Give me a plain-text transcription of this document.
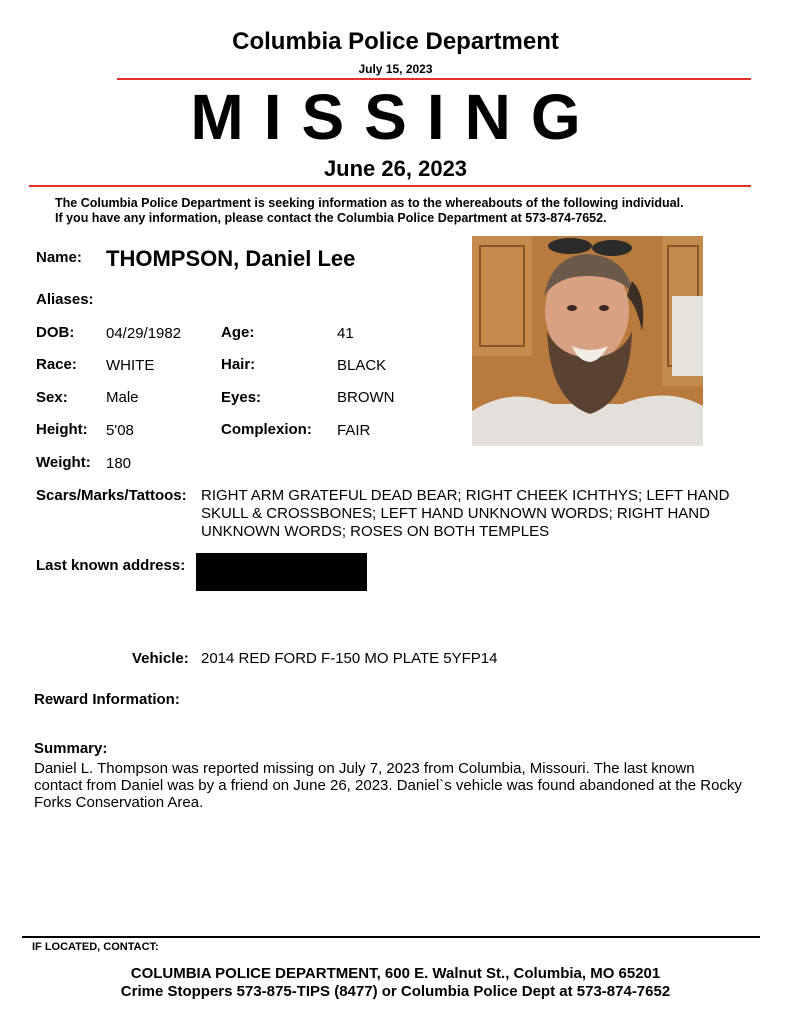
Columbia Police Department
July 15, 2023
MISSING
June 26, 2023
The Columbia Police Department is seeking information as to the whereabouts of the following individual.
If you have any information, please contact the Columbia Police Department at 573-874-7652.
Name: THOMPSON, Daniel Lee
Aliases:
DOB: 04/29/1982	Age:	41
Race: WHITE	Hair:	BLACK
Sex:	Male	Eyes:	BROWN
Height: 5'08	Complexion: FAIR
Weight: 180
Scars/Marks/Tattoos: RIGHT ARM GRATEFUL DEAD BEAR; RIGHT CHEEK ICHTHYS; LEFT HAND SKULL & CROSSBONES; LEFT HAND UNKNOWN WORDS; RIGHT HAND UNKNOWN WORDS; ROSES ON BOTH TEMPLES
Last known address:
Vehicle: 2014 RED FORD F-150 MO PLATE 5YFP14
Reward Information:
Summary:
Daniel L. Thompson was reported missing on July 7, 2023 from Columbia, Missouri. The last known contact from Daniel was by a friend on June 26, 2023. Daniel`s vehicle was found abandoned at the Rocky Forks Conservation Area.
IF LOCATED, CONTACT:
COLUMBIA POLICE DEPARTMENT, 600 E. Walnut St., Columbia, MO 65201
Crime Stoppers 573-875-TIPS (8477) or Columbia Police Dept at 573-874-7652
